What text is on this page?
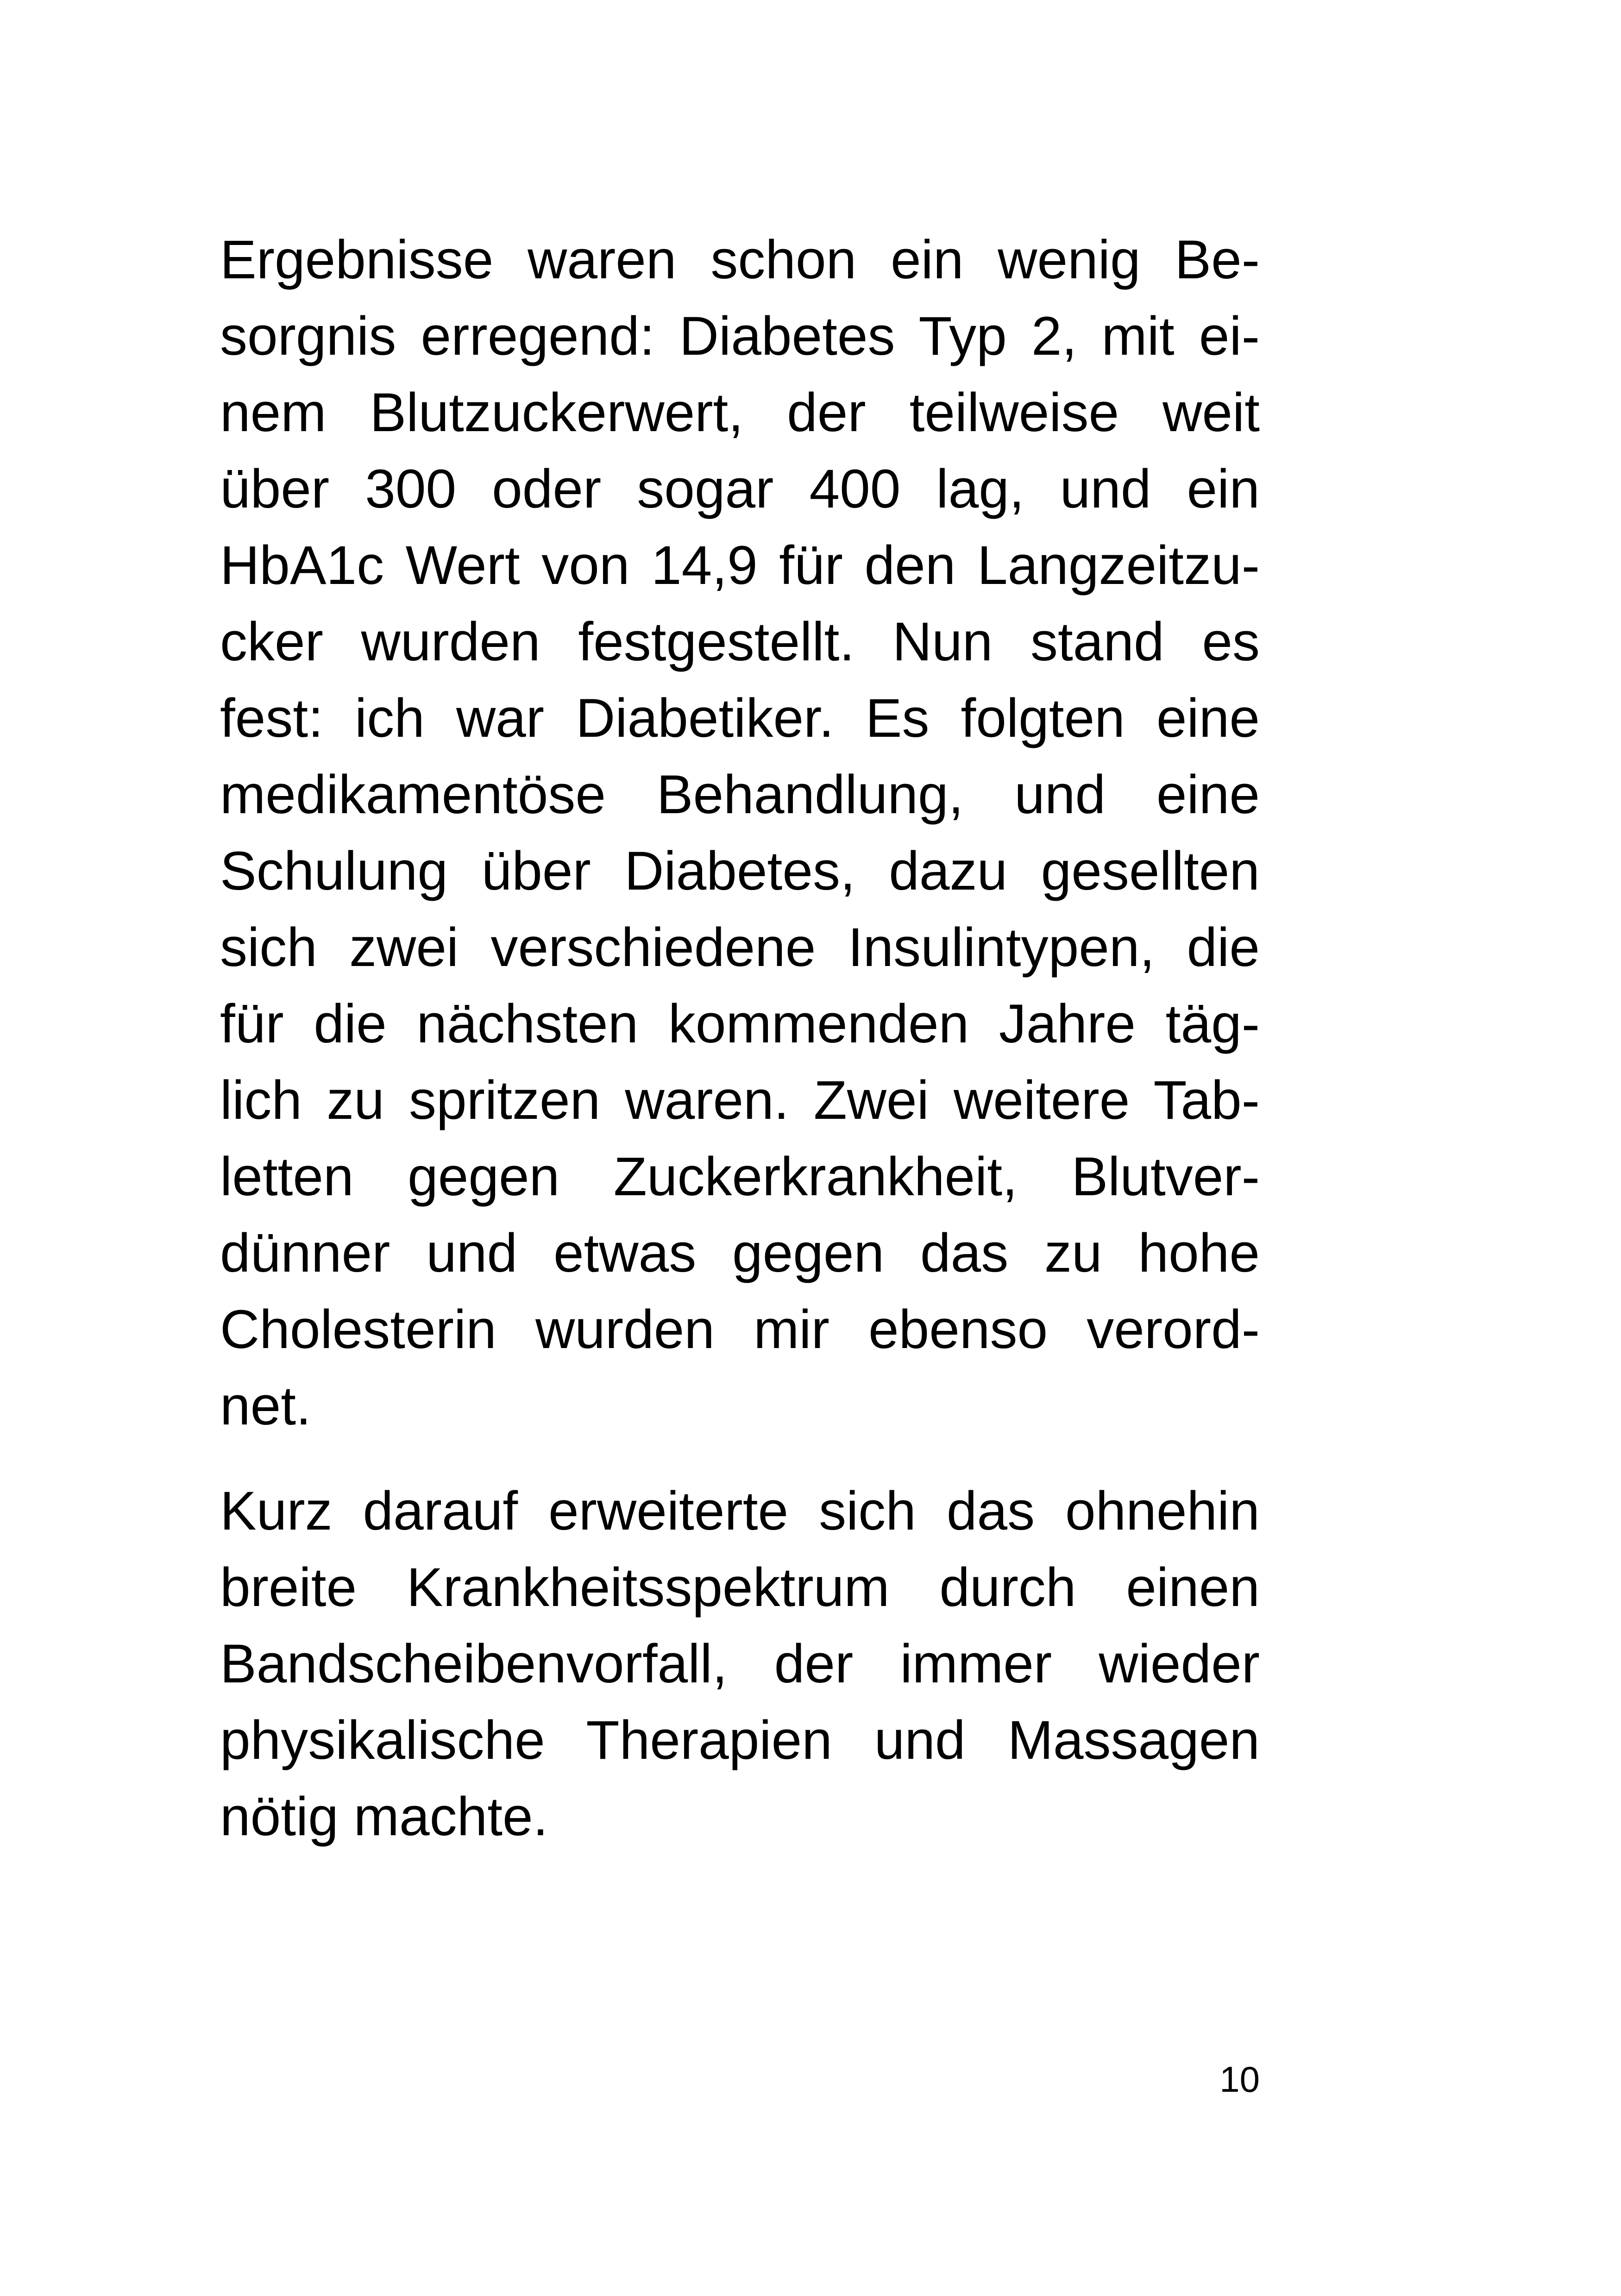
Ergebnisse waren schon ein wenig Be-
sorgnis erregend: Diabetes Typ 2, mit ei-
nem Blutzuckerwert, der teilweise weit
über 300 oder sogar 400 lag, und ein
HbA1c Wert von 14,9 für den Langzeitzu-
cker wurden festgestellt. Nun stand es
fest: ich war Diabetiker. Es folgten eine
medikamentöse Behandlung, und eine
Schulung über Diabetes, dazu gesellten
sich zwei verschiedene Insulintypen, die
für die nächsten kommenden Jahre täg-
lich zu spritzen waren. Zwei weitere Tab-
letten gegen Zuckerkrankheit, Blutver-
dünner und etwas gegen das zu hohe
Cholesterin wurden mir ebenso verord-
net.
Kurz darauf erweiterte sich das ohnehin
breite Krankheitsspektrum durch einen
Bandscheibenvorfall, der immer wieder
physikalische Therapien und Massagen
nötig machte.
10
